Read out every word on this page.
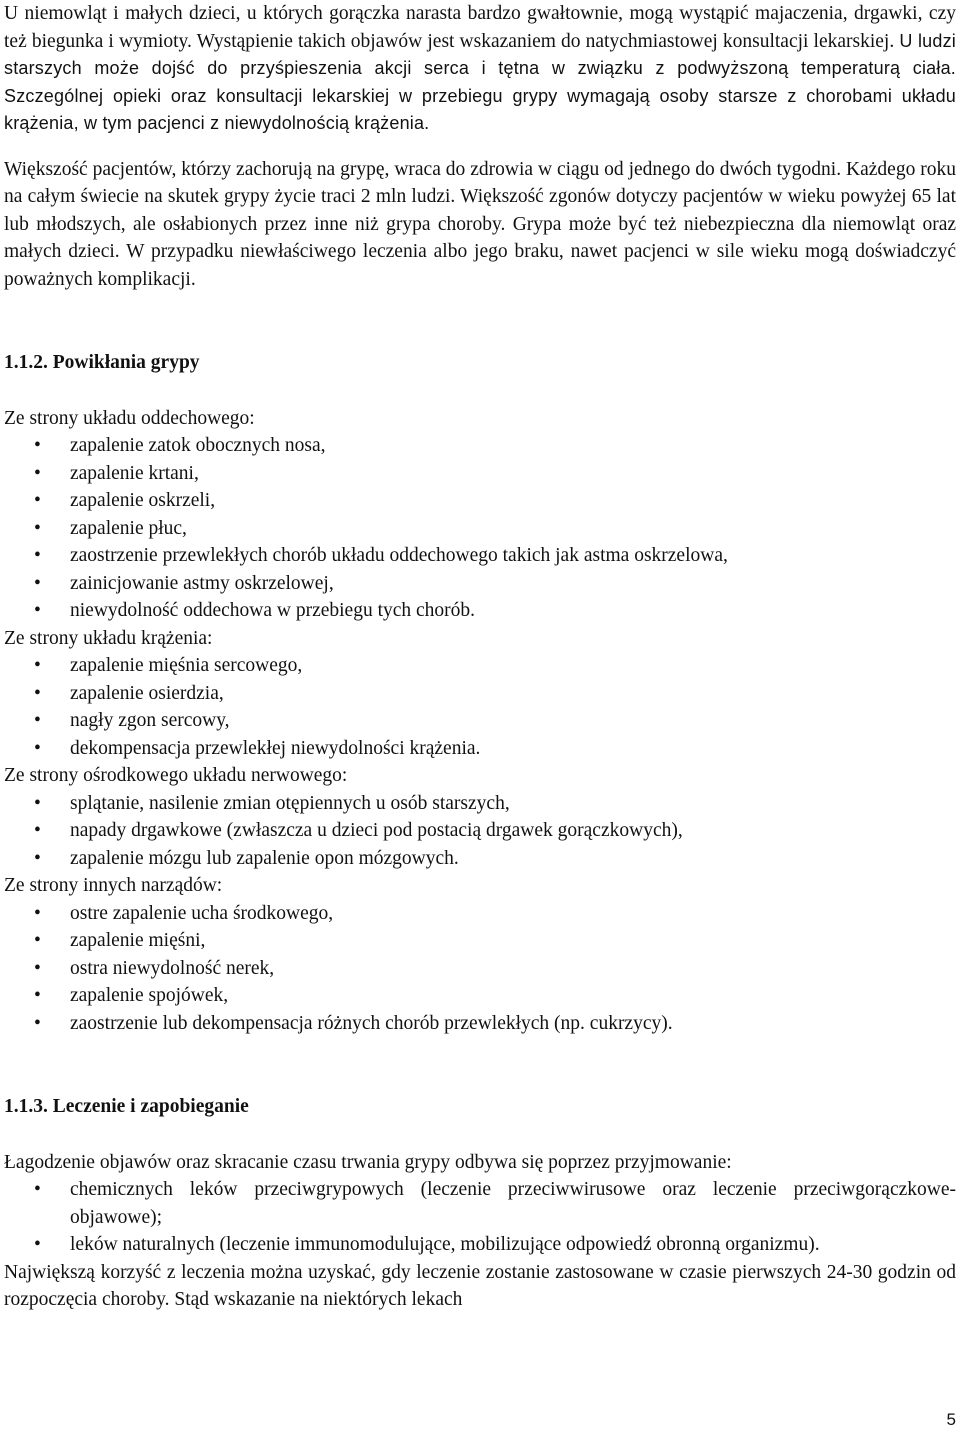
U niemowląt i małych dzieci, u których gorączka narasta bardzo gwałtownie, mogą wystąpić majaczenia, drgawki, czy też biegunka i wymioty. Wystąpienie takich objawów jest wskazaniem do natychmiastowej konsultacji lekarskiej. U ludzi starszych może dojść do przyśpieszenia akcji serca i tętna w związku z podwyższoną temperaturą ciała. Szczególnej opieki oraz konsultacji lekarskiej w przebiegu grypy wymagają osoby starsze z chorobami układu krążenia, w tym pacjenci z niewydolnością krążenia.

Większość pacjentów, którzy zachorują na grypę, wraca do zdrowia w ciągu od jednego do dwóch tygodni. Każdego roku na całym świecie na skutek grypy życie traci 2 mln ludzi. Większość zgonów dotyczy pacjentów w wieku powyżej 65 lat lub młodszych, ale osłabionych przez inne niż grypa choroby. Grypa może być też niebezpieczna dla niemowląt oraz małych dzieci. W przypadku niewłaściwego leczenia albo jego braku, nawet pacjenci w sile wieku mogą doświadczyć poważnych komplikacji.

1.1.2. Powikłania grypy

Ze strony układu oddechowego:

• zapalenie zatok obocznych nosa,
• zapalenie krtani,
• zapalenie oskrzeli,
• zapalenie płuc,
• zaostrzenie przewlekłych chorób układu oddechowego takich jak astma oskrzelowa,
• zainicjowanie astmy oskrzelowej,
• niewydolność oddechowa w przebiegu tych chorób.

Ze strony układu krążenia:

• zapalenie mięśnia sercowego,
• zapalenie osierdzia,
• nagły zgon sercowy,
• dekompensacja przewlekłej niewydolności krążenia.

Ze strony ośrodkowego układu nerwowego:

• splątanie, nasilenie zmian otępiennych u osób starszych,
• napady drgawkowe (zwłaszcza u dzieci pod postacią drgawek gorączkowych),
• zapalenie mózgu lub zapalenie opon mózgowych.

Ze strony innych narządów:

• ostre zapalenie ucha środkowego,
• zapalenie mięśni,
• ostra niewydolność nerek,
• zapalenie spojówek,
• zaostrzenie lub dekompensacja różnych chorób przewlekłych (np. cukrzycy).
1.1.3. Leczenie i zapobieganie

Łagodzenie objawów oraz skracanie czasu trwania grypy odbywa się poprzez przyjmowanie:

• chemicznych leków przeciwgrypowych (leczenie przeciwwirusowe oraz leczenie przeciwgorączkowe- objawowe);
• leków naturalnych (leczenie immunomodulujące, mobilizujące odpowiedź obronną organizmu).

Największą korzyść z leczenia można uzyskać, gdy leczenie zostanie zastosowane w czasie pierwszych 24-30 godzin od rozpoczęcia choroby. Stąd wskazanie na niektórych lekach

5
